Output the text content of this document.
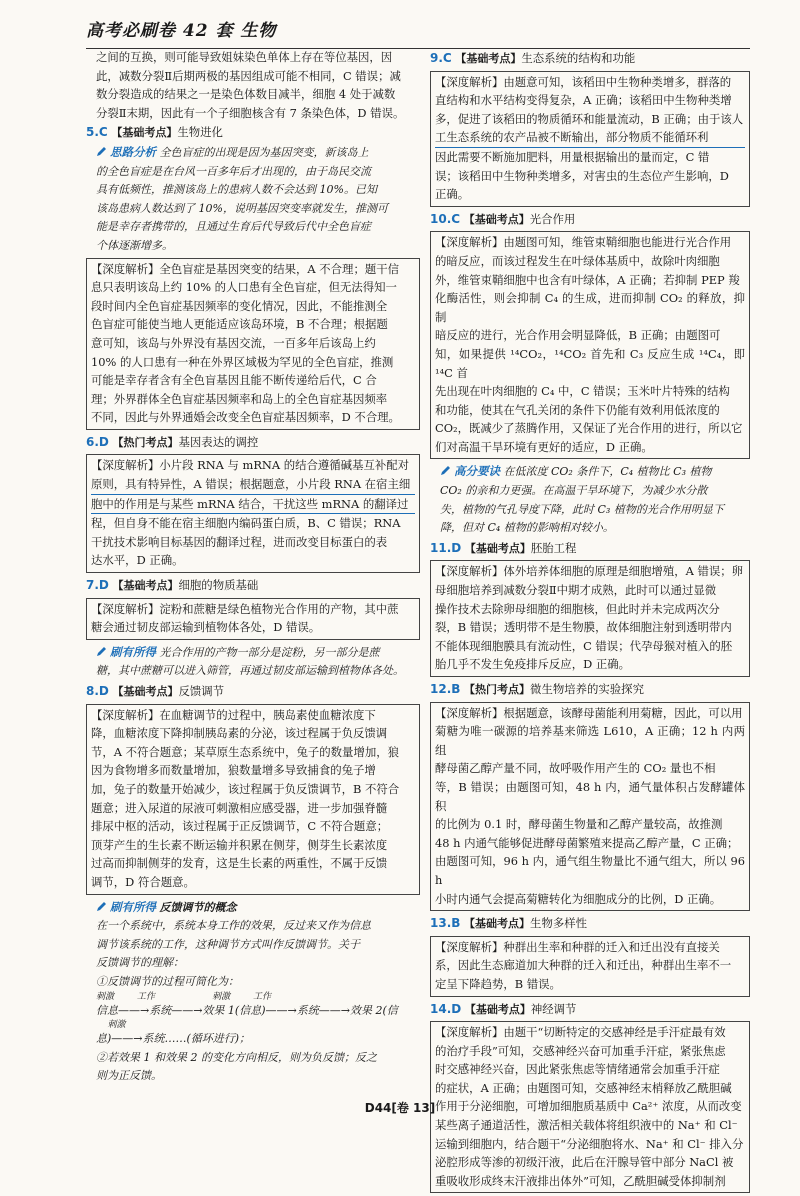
高考必刷卷 42 套 生物
之间的互换，则可能导致姐妹染色单体上存在等位基因，因
此，减数分裂Ⅱ后期两极的基因组成可能不相同，C 错误；减
数分裂造成的结果之一是染色体数目减半，细胞 4 处于减数
分裂Ⅱ末期，因此有一个子细胞核含有 7 条染色体，D 错误。
5.C 【基础考点】生物进化
思路分析 全色盲症的出现是因为基因突变，新该岛上
的全色盲症是在台风一百多年后才出现的，由于岛民交流
具有低频性，推测该岛上的患病人数不会达到 10%。已知
该岛患病人数达到了 10%，说明基因突变率就发生，推测可
能是幸存者携带的，且通过生育后代导致后代中全色盲症
个体逐渐增多。
【深度解析】全色盲症是基因突变的结果，A 不合理；题干信
息只表明该岛上约 10% 的人口患有全色盲症，但无法得知一
段时间内全色盲症基因频率的变化情况，因此，不能推测全
色盲症可能使当地人更能适应该岛环境，B 不合理；根据题
意可知，该岛与外界没有基因交流，一百多年后该岛上约
10% 的人口患有一种在外界区域极为罕见的全色盲症，推测
可能是幸存者含有全色盲基因且能不断传递给后代，C 合
理；外界群体全色盲症基因频率和岛上的全色盲症基因频率
不同，因此与外界通婚会改变全色盲症基因频率，D 不合理。
6.D 【热门考点】基因表达的调控
【深度解析】小片段 RNA 与 mRNA 的结合遵循碱基互补配对
原则，具有特异性，A 错误；根据题意，小片段 RNA 在宿主细
胞中的作用是与某些 mRNA 结合，干扰这些 mRNA 的翻译过
程，但自身不能在宿主细胞内编码蛋白质，B、C 错误；RNA
干扰技术影响目标基因的翻译过程，进而改变目标蛋白的表
达水平，D 正确。
7.D 【基础考点】细胞的物质基础
【深度解析】淀粉和蔗糖是绿色植物光合作用的产物，其中蔗
糖会通过韧皮部运输到植物体各处，D 错误。
刷有所得 光合作用的产物一部分是淀粉，另一部分是蔗
糖，其中蔗糖可以进入筛管，再通过韧皮部运输到植物体各处。
8.D 【基础考点】反馈调节
【深度解析】在血糖调节的过程中，胰岛素使血糖浓度下
降，血糖浓度下降抑制胰岛素的分泌，该过程属于负反馈调
节，A 不符合题意；某草原生态系统中，兔子的数量增加，狼
因为食物增多而数量增加，狼数量增多导致捕食的兔子增
加，兔子的数量开始减少，该过程属于负反馈调节，B 不符合
题意；进入尿道的尿液可刺激相应感受器，进一步加强脊髓
排尿中枢的活动，该过程属于正反馈调节，C 不符合题意；
顶芽产生的生长素不断运输并积累在侧芽，侧芽生长素浓度
过高而抑制侧芽的发育，这是生长素的两重性，不属于反馈
调节，D 符合题意。
刷有所得 反馈调节的概念
在一个系统中，系统本身工作的效果，反过来又作为信息
调节该系统的工作，这种调节方式叫作反馈调节。关于
反馈调节的理解：
①反馈调节的过程可简化为：
刺激        工作                    刺激        工作
信息——→系统——→效果 1(信息)——→系统——→效果 2(信
刺激
息)——→系统……(循环进行)；
②若效果 1 和效果 2 的变化方向相反，则为负反馈；反之
则为正反馈。
9.C 【基础考点】生态系统的结构和功能
【深度解析】由题意可知，该稻田中生物种类增多，群落的
直结构和水平结构变得复杂，A 正确；该稻田中生物种类增
多，促进了该稻田的物质循环和能量流动，B 正确；由于该人
工生态系统的农产品被不断输出，部分物质不能循环利
因此需要不断施加肥料，用量根据输出的量而定，C 错
误；该稻田中生物种类增多，对害虫的生态位产生影响，D
正确。
10.C 【基础考点】光合作用
【深度解析】由题图可知，维管束鞘细胞也能进行光合作用
的暗反应，而该过程发生在叶绿体基质中，故除叶肉细胞
外，维管束鞘细胞中也含有叶绿体，A 正确；若抑制 PEP 羧
化酶活性，则会抑制 C₄ 的生成，进而抑制 CO₂ 的释放，抑制
暗反应的进行，光合作用会明显降低，B 正确；由题图可
知，如果提供 ¹⁴CO₂，¹⁴CO₂ 首先和 C₃ 反应生成 ¹⁴C₄，即 ¹⁴C 首
先出现在叶肉细胞的 C₄ 中，C 错误；玉米叶片特殊的结构
和功能，使其在气孔关闭的条件下仍能有效利用低浓度的
CO₂，既减少了蒸腾作用，又保证了光合作用的进行，所以它
们对高温干旱环境有更好的适应，D 正确。
高分要诀 在低浓度 CO₂ 条件下，C₄ 植物比 C₃ 植物
CO₂ 的亲和力更强。在高温干旱环境下，为减少水分散
失，植物的气孔导度下降，此时 C₃ 植物的光合作用明显下
降，但对 C₄ 植物的影响相对较小。
11.D 【基础考点】胚胎工程
【深度解析】体外培养体细胞的原理是细胞增殖，A 错误；卵
母细胞培养到减数分裂Ⅱ中期才成熟，此时可以通过显微
操作技术去除卵母细胞的细胞核，但此时并未完成两次分
裂，B 错误；透明带不是生物膜，故体细胞注射到透明带内
不能体现细胞膜具有流动性，C 错误；代孕母猴对植入的胚
胎几乎不发生免疫排斥反应，D 正确。
12.B 【热门考点】微生物培养的实验探究
【深度解析】根据题意，该酵母菌能利用菊糖，因此，可以用
菊糖为唯一碳源的培养基来筛选 L610，A 正确；12 h 内两组
酵母菌乙醇产量不同，故呼吸作用产生的 CO₂ 量也不相
等，B 错误；由题图可知，48 h 内，通气量体积占发酵罐体积
的比例为 0.1 时，酵母菌生物量和乙醇产量较高，故推测
48 h 内通气能够促进酵母菌繁殖来提高乙醇产量，C 正确；
由题图可知，96 h 内，通气组生物量比不通气组大，所以 96 h
小时内通气会提高菊糖转化为细胞成分的比例，D 正确。
13.B 【基础考点】生物多样性
【深度解析】种群出生率和种群的迁入和迁出没有直接关
系，因此生态廊道加大种群的迁入和迁出，种群出生率不一
定呈下降趋势，B 错误。
14.D 【基础考点】神经调节
【深度解析】由题干“切断特定的交感神经是手汗症最有效
的治疗手段”可知，交感神经兴奋可加重手汗症，紧张焦虑
时交感神经兴奋，因此紧张焦虑等情绪通常会加重手汗症
的症状，A 正确；由题图可知，交感神经末梢释放乙酰胆碱
作用于分泌细胞，可增加细胞质基质中 Ca²⁺ 浓度，从而改变
某些离子通道活性，激活相关载体将组织液中的 Na⁺ 和 Cl⁻
运输到细胞内，结合题干“分泌细胞将水、Na⁺ 和 Cl⁻ 排入分
泌腔形成等渗的初级汗液，此后在汗腺导管中部分 NaCl 被
重吸收形成终末汗液排出体外”可知，乙酰胆碱受体抑制剂
D44[卷 13]
